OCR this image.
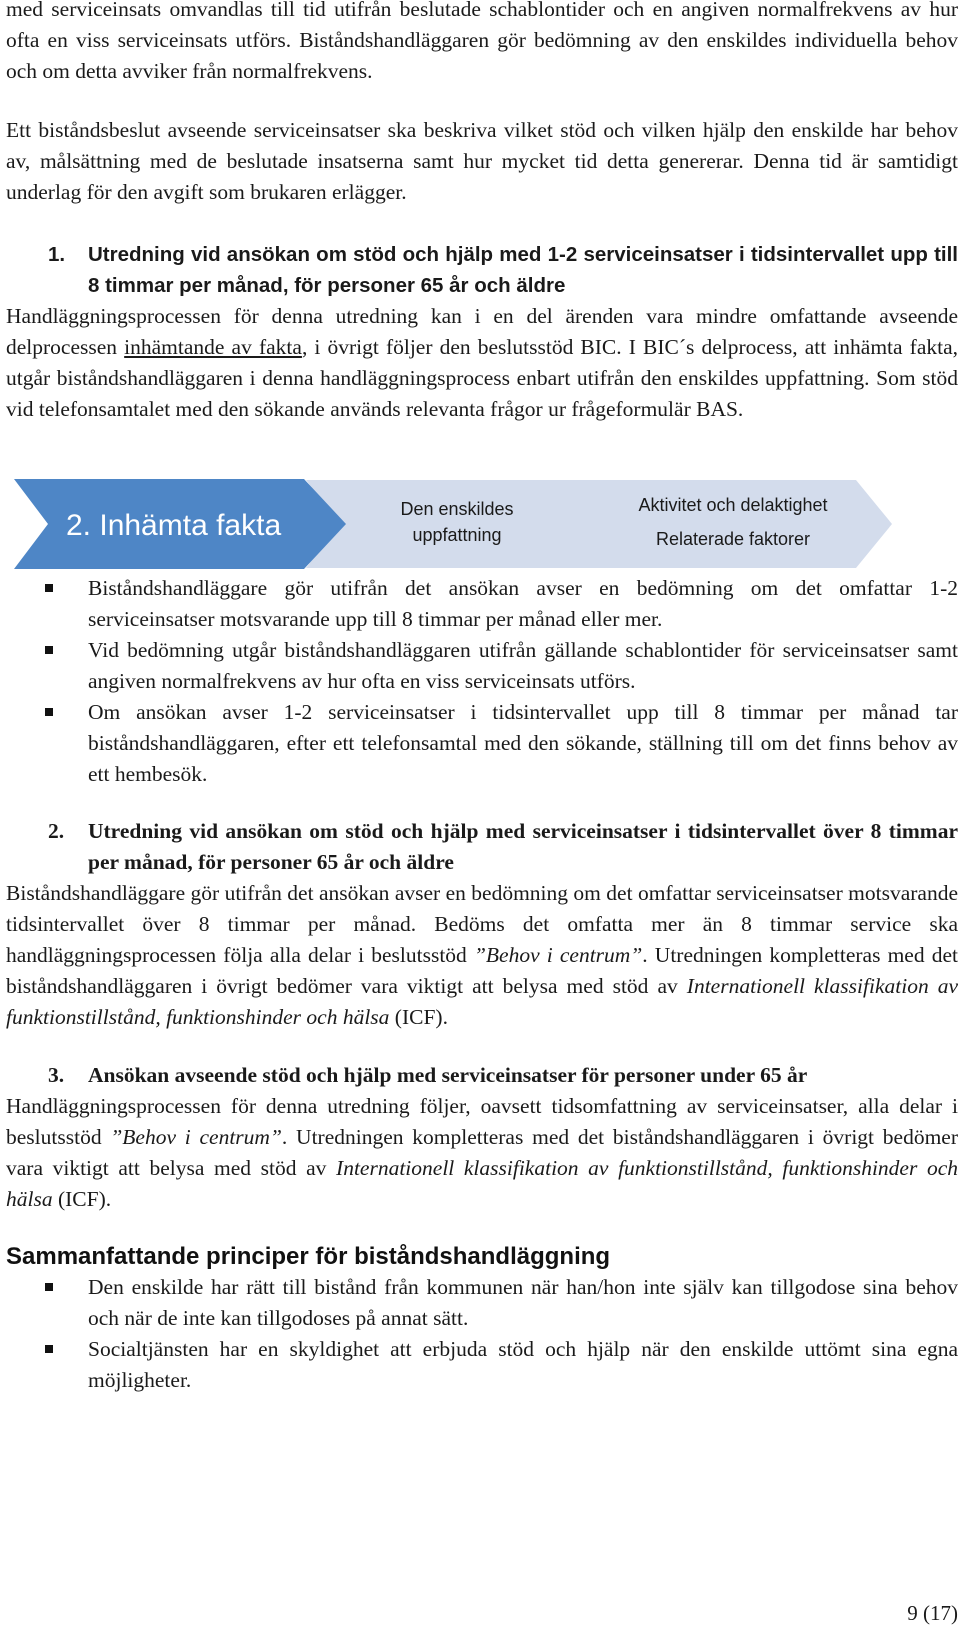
med serviceinsats omvandlas till tid utifrån beslutade schablontider och en angiven normalfrekvens av hur ofta en viss serviceinsats utförs. Biståndshandläggaren gör bedömning av den enskildes individuella behov och om detta avviker från normalfrekvens.

Ett biståndsbeslut avseende serviceinsatser ska beskriva vilket stöd och vilken hjälp den enskilde har behov av, målsättning med de beslutade insatserna samt hur mycket tid detta genererar. Denna tid är samtidigt underlag för den avgift som brukaren erlägger.

1. Utredning vid ansökan om stöd och hjälp med 1-2 serviceinsatser i tidsintervallet upp till 8 timmar per månad, för personer 65 år och äldre

Handläggningsprocessen för denna utredning kan i en del ärenden vara mindre omfattande avseende delprocessen inhämtande av fakta, i övrigt följer den beslutsstöd BIC. I BIC´s delprocess, att inhämta fakta, utgår biståndshandläggaren i denna handläggningsprocess enbart utifrån den enskildes uppfattning. Som stöd vid telefonsamtalet med den sökande används relevanta frågor ur frågeformulär BAS.

2. Inhämta fakta	Den enskildes
uppfattning
Aktivitet och delaktighet
Relaterade faktorer
Biståndshandläggare gör utifrån det ansökan avser en bedömning om det omfattar 1-2 serviceinsatser motsvarande upp till 8 timmar per månad eller mer.
Vid bedömning utgår biståndshandläggaren utifrån gällande schablontider för serviceinsatser samt angiven normalfrekvens av hur ofta en viss serviceinsats utförs.
Om ansökan avser 1-2 serviceinsatser i tidsintervallet upp till 8 timmar per månad tar biståndshandläggaren, efter ett telefonsamtal med den sökande, ställning till om det finns behov av ett hembesök.
2. Utredning vid ansökan om stöd och hjälp med serviceinsatser i tidsintervallet över 8 timmar per månad, för personer 65 år och äldre

Biståndshandläggare gör utifrån det ansökan avser en bedömning om det omfattar serviceinsatser motsvarande tidsintervallet över 8 timmar per månad. Bedöms det omfatta mer än 8 timmar service ska handläggningsprocessen följa alla delar i beslutsstöd ”Behov i centrum”. Utredningen kompletteras med det biståndshandläggaren i övrigt bedömer vara viktigt att belysa med stöd av Internationell klassifikation av funktionstillstånd, funktionshinder och hälsa (ICF).

3. Ansökan avseende stöd och hjälp med serviceinsatser för personer under 65 år

Handläggningsprocessen för denna utredning följer, oavsett tidsomfattning av serviceinsatser, alla delar i beslutsstöd ”Behov i centrum”. Utredningen kompletteras med det biståndshandläggaren i övrigt bedömer vara viktigt att belysa med stöd av Internationell klassifikation av funktionstillstånd, funktionshinder och hälsa (ICF).

Sammanfattande principer för biståndshandläggning
Den enskilde har rätt till bistånd från kommunen när han/hon inte själv kan tillgodose sina behov och när de inte kan tillgodoses på annat sätt.
Socialtjänsten har en skyldighet att erbjuda stöd och hjälp när den enskilde uttömt sina egna möjligheter.
9 (17)
